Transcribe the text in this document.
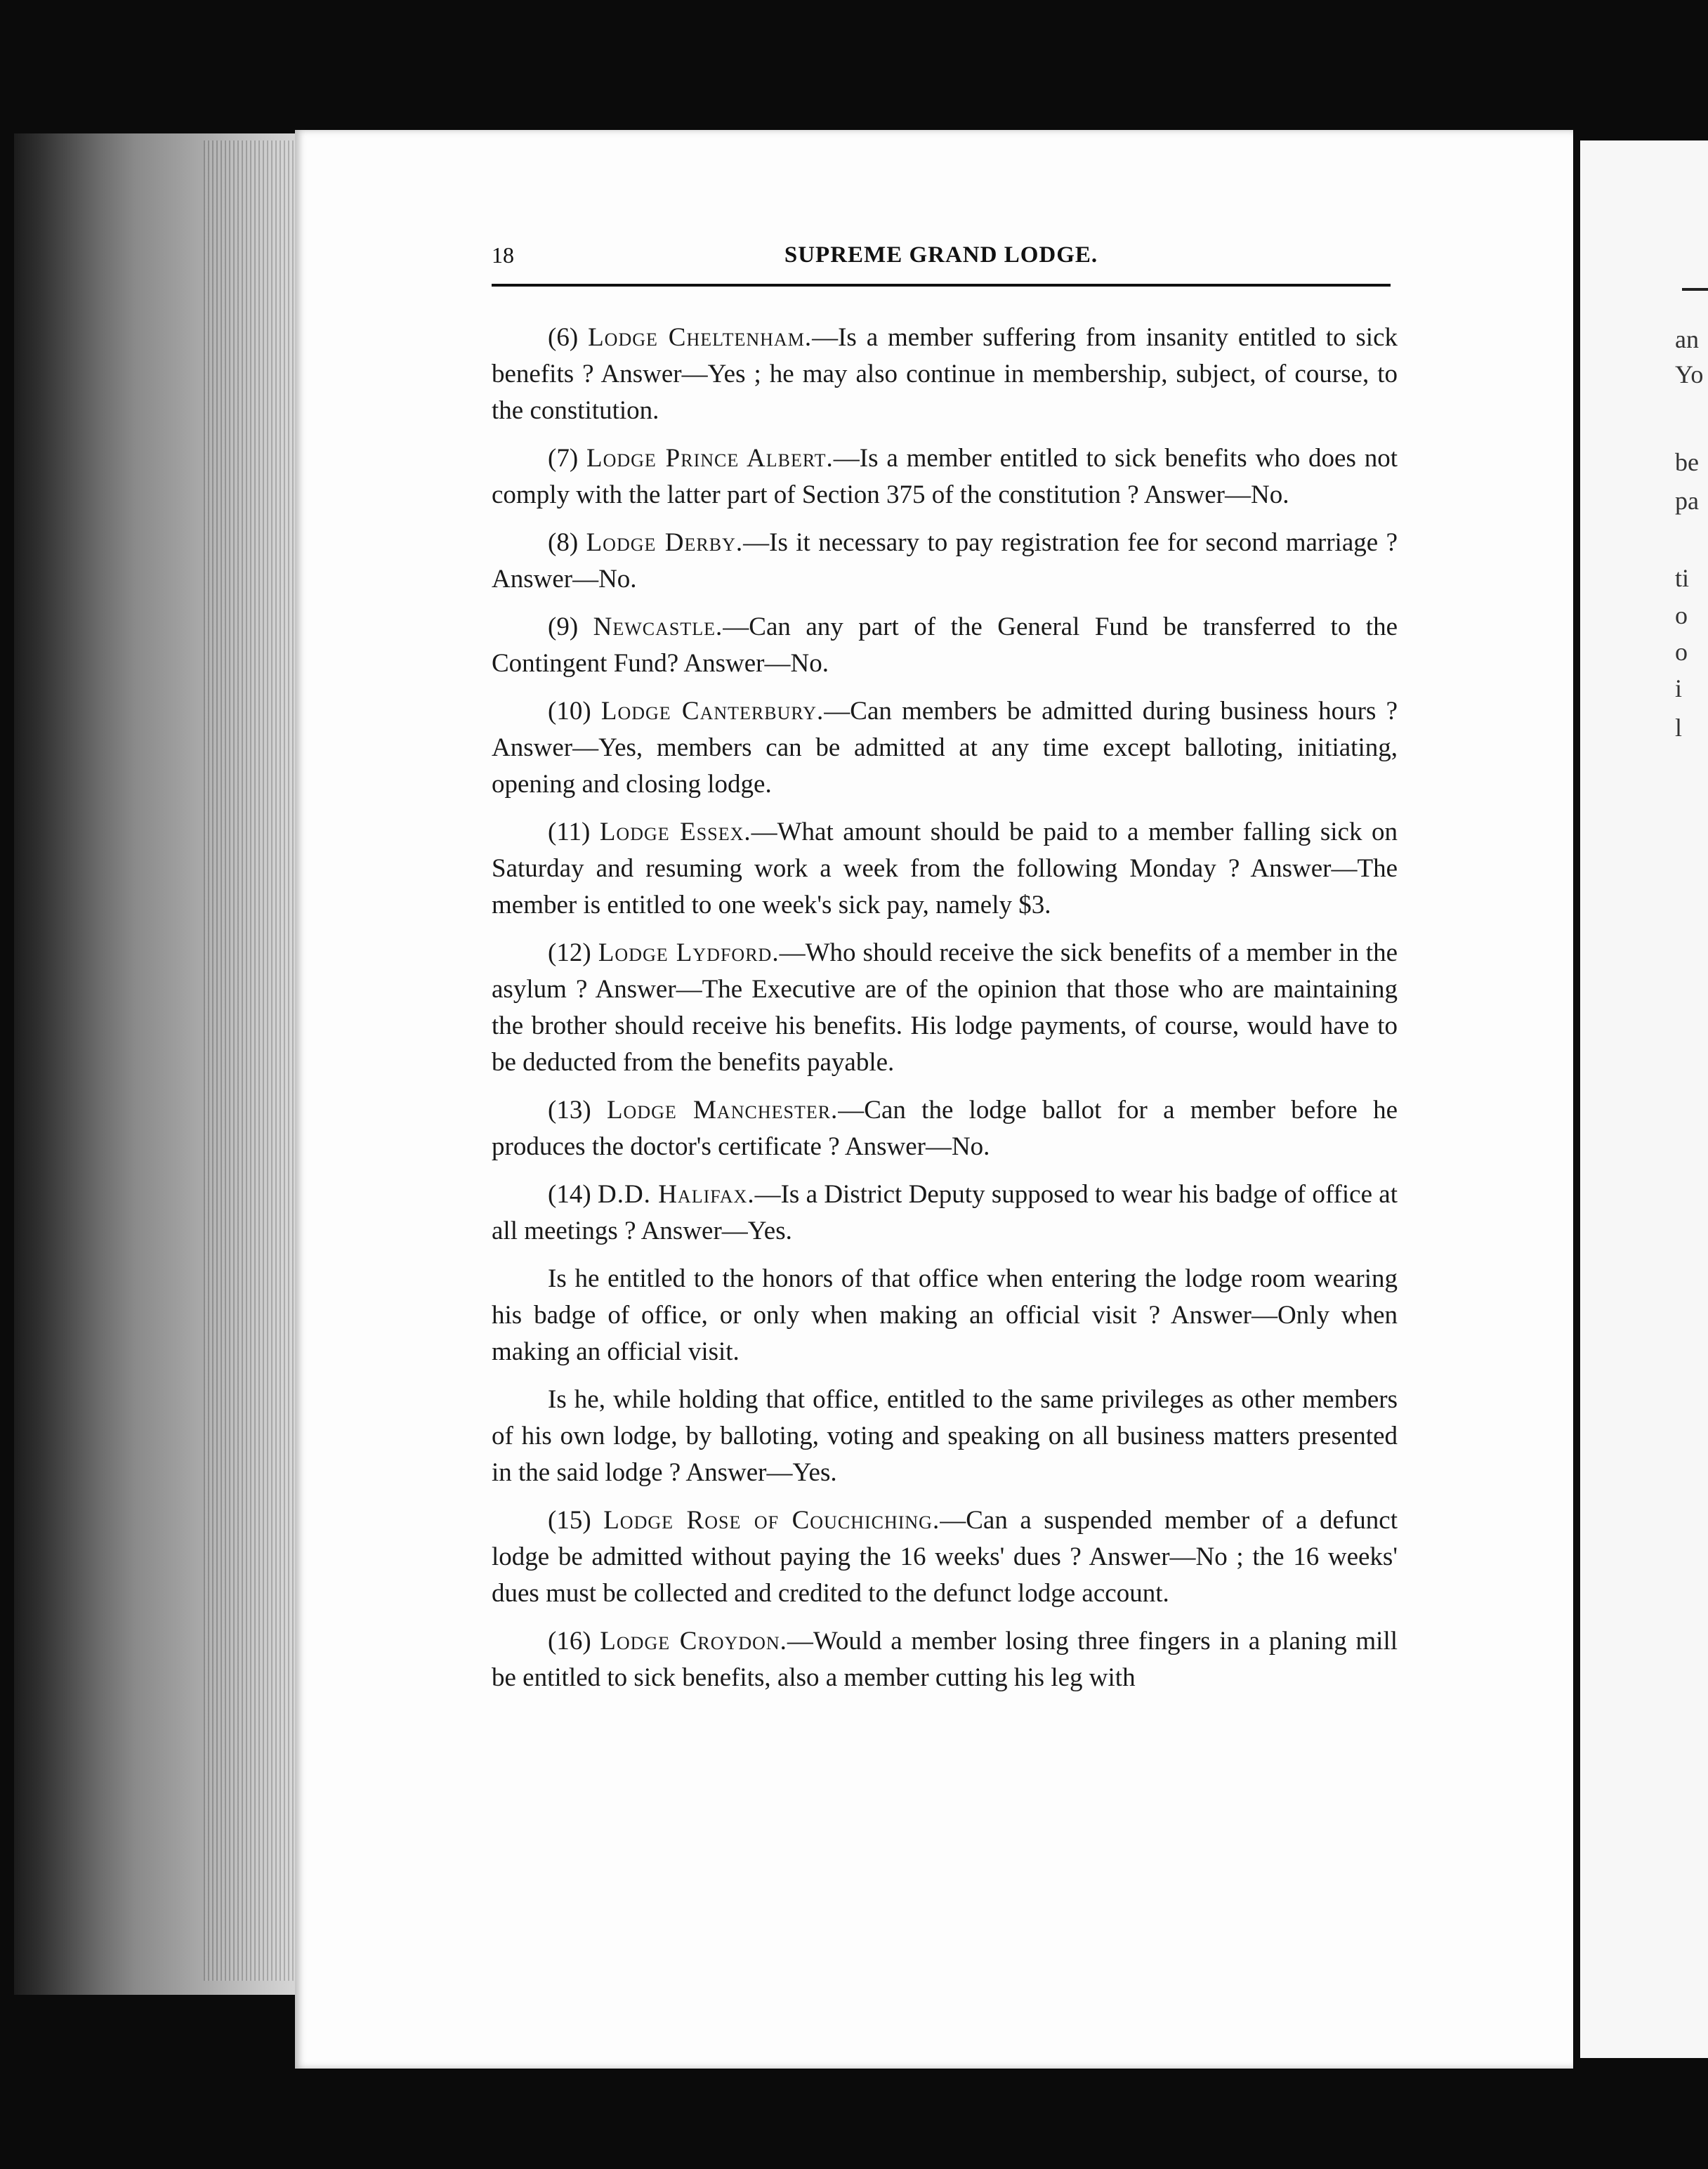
an
Yo
be
pa
ti
o
o
i
l
18	SUPREME GRAND LODGE.

(6) Lodge Cheltenham.—Is a member suffering from insanity entitled to sick benefits ? Answer—Yes ; he may also continue in membership, subject, of course, to the constitution.

(7) Lodge Prince Albert.—Is a member entitled to sick benefits who does not comply with the latter part of Section 375 of the constitution ? Answer—No.

(8) Lodge Derby.—Is it necessary to pay registration fee for second marriage ? Answer—No.

(9) Newcastle.—Can any part of the General Fund be transferred to the Contingent Fund? Answer—No.

(10) Lodge Canterbury.—Can members be admitted during business hours ? Answer—Yes, members can be admitted at any time except balloting, initiating, opening and closing lodge.

(11) Lodge Essex.—What amount should be paid to a member falling sick on Saturday and resuming work a week from the following Monday ? Answer—The member is entitled to one week's sick pay, namely $3.

(12) Lodge Lydford.—Who should receive the sick benefits of a member in the asylum ? Answer—The Executive are of the opinion that those who are maintaining the brother should receive his benefits. His lodge payments, of course, would have to be deducted from the benefits payable.

(13) Lodge Manchester.—Can the lodge ballot for a member before he produces the doctor's certificate ? Answer—No.

(14) D.D. Halifax.—Is a District Deputy supposed to wear his badge of office at all meetings ? Answer—Yes.

Is he entitled to the honors of that office when entering the lodge room wearing his badge of office, or only when making an official visit ? Answer—Only when making an official visit.

Is he, while holding that office, entitled to the same privileges as other members of his own lodge, by balloting, voting and speaking on all business matters presented in the said lodge ? Answer—Yes.

(15) Lodge Rose of Couchiching.—Can a suspended member of a defunct lodge be admitted without paying the 16 weeks' dues ? Answer—No ; the 16 weeks' dues must be collected and credited to the defunct lodge account.

(16) Lodge Croydon.—Would a member losing three fingers in a planing mill be entitled to sick benefits, also a member cutting his leg with
